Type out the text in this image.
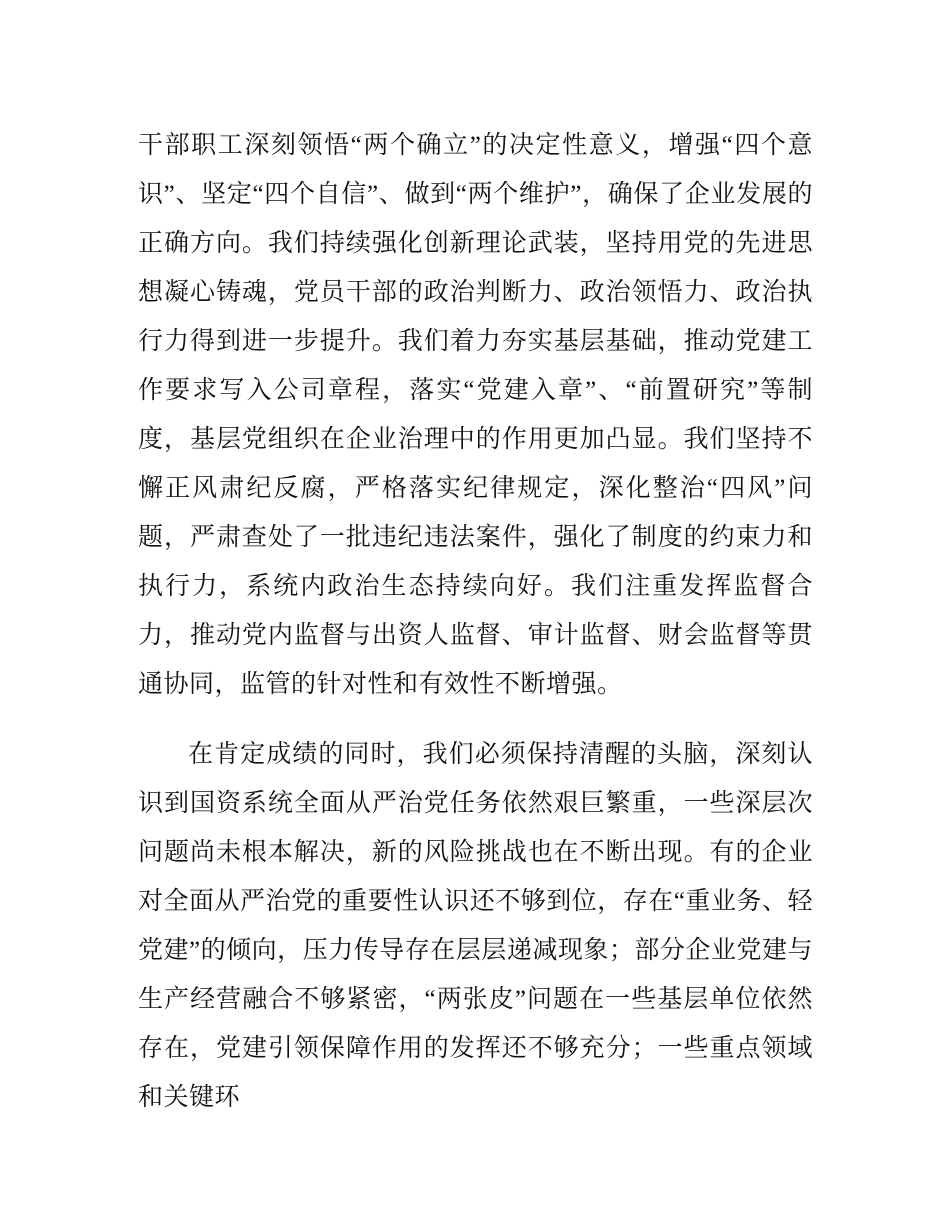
干部职工深刻领悟“两个确立”的决定性意义，增强“四个意识”、坚定“四个自信”、做到“两个维护”，确保了企业发展的正确方向。我们持续强化创新理论武装，坚持用党的先进思想凝心铸魂，党员干部的政治判断力、政治领悟力、政治执行力得到进一步提升。我们着力夯实基层基础，推动党建工作要求写入公司章程，落实“党建入章”、“前置研究”等制度，基层党组织在企业治理中的作用更加凸显。我们坚持不懈正风肃纪反腐，严格落实纪律规定，深化整治“四风”问题，严肃查处了一批违纪违法案件，强化了制度的约束力和执行力，系统内政治生态持续向好。我们注重发挥监督合力，推动党内监督与出资人监督、审计监督、财会监督等贯通协同，监管的针对性和有效性不断增强。

在肯定成绩的同时，我们必须保持清醒的头脑，深刻认识到国资系统全面从严治党任务依然艰巨繁重，一些深层次问题尚未根本解决，新的风险挑战也在不断出现。有的企业对全面从严治党的重要性认识还不够到位，存在“重业务、轻党建”的倾向，压力传导存在层层递减现象；部分企业党建与生产经营融合不够紧密，“两张皮”问题在一些基层单位依然存在，党建引领保障作用的发挥还不够充分；一些重点领域和关键环
